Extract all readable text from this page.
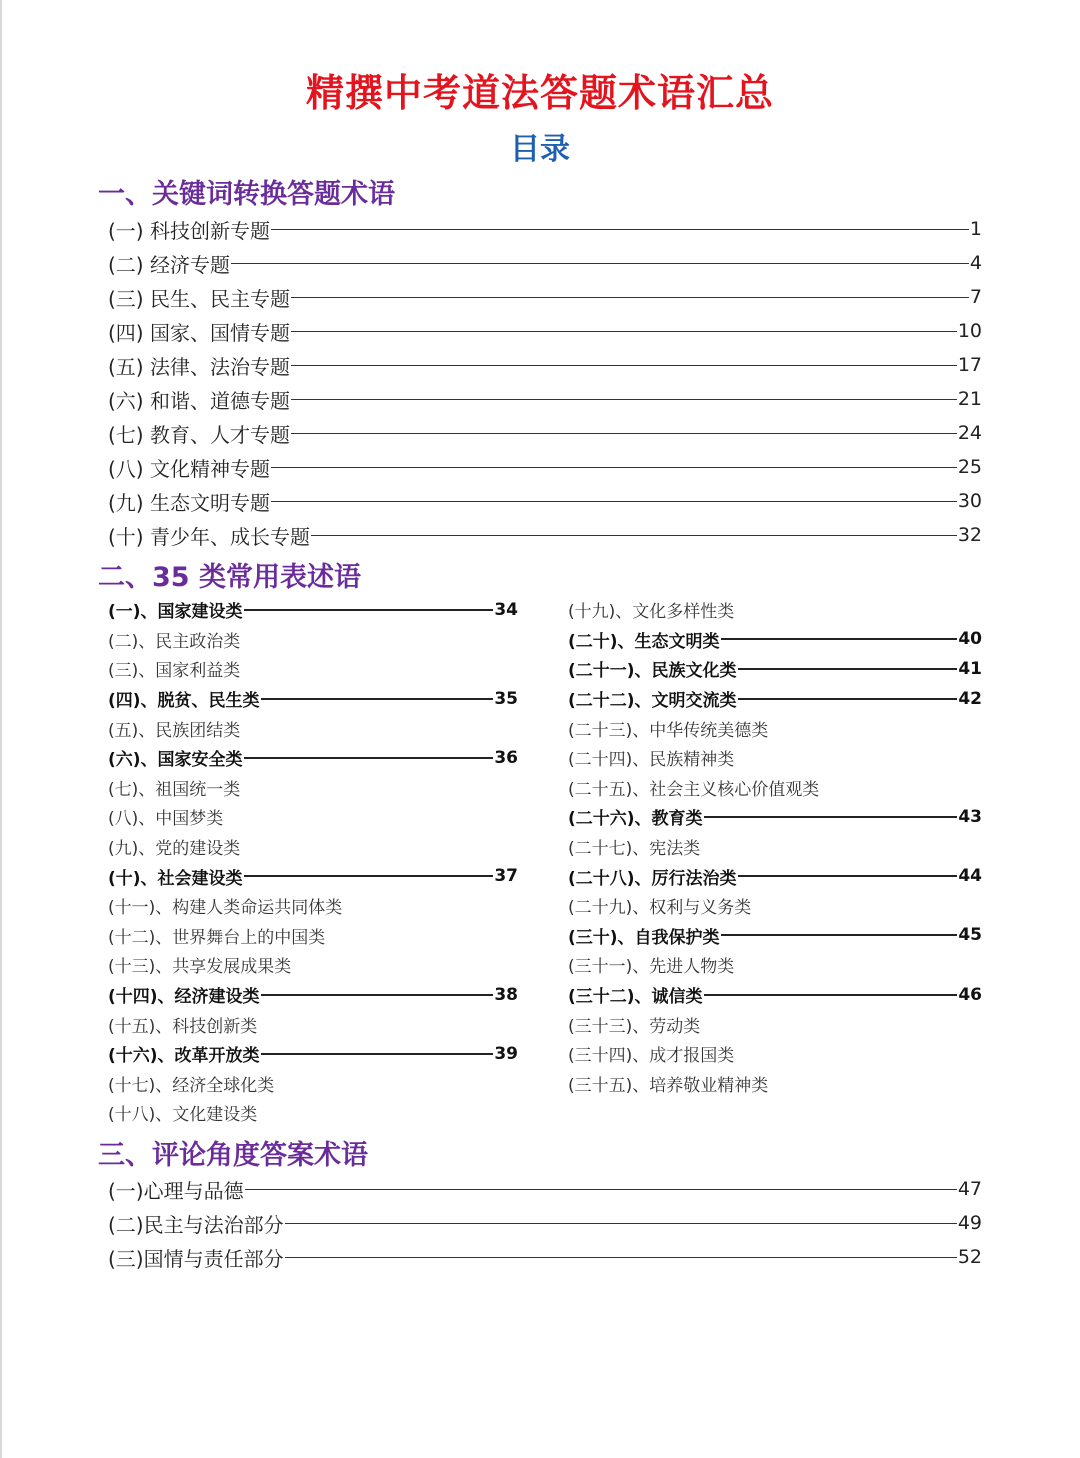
精撰中考道法答题术语汇总
目录
一、关键词转换答题术语
(一) 科技创新专题	1
(二) 经济专题	4
(三) 民生、民主专题	7
(四) 国家、国情专题	10
(五) 法律、法治专题	17
(六) 和谐、道德专题	21
(七) 教育、人才专题	24
(八) 文化精神专题	25
(九) 生态文明专题	30
(十) 青少年、成长专题	32
二、35 类常用表述语
(一)、国家建设类	34
(二)、民主政治类
(三)、国家利益类
(四)、脱贫、民生类	35
(五)、民族团结类
(六)、国家安全类	36
(七)、祖国统一类
(八)、中国梦类
(九)、党的建设类
(十)、社会建设类	37
(十一)、构建人类命运共同体类
(十二)、世界舞台上的中国类
(十三)、共享发展成果类
(十四)、经济建设类	38
(十五)、科技创新类
(十六)、改革开放类	39
(十七)、经济全球化类
(十八)、文化建设类
(十九)、文化多样性类
(二十)、生态文明类	40
(二十一)、民族文化类	41
(二十二)、文明交流类	42
(二十三)、中华传统美德类
(二十四)、民族精神类
(二十五)、社会主义核心价值观类
(二十六)、教育类	43
(二十七)、宪法类
(二十八)、厉行法治类	44
(二十九)、权利与义务类
(三十)、自我保护类	45
(三十一)、先进人物类
(三十二)、诚信类	46
(三十三)、劳动类
(三十四)、成才报国类
(三十五)、培养敬业精神类
三、评论角度答案术语
(一)心理与品德	47
(二)民主与法治部分	49
(三)国情与责任部分	52
